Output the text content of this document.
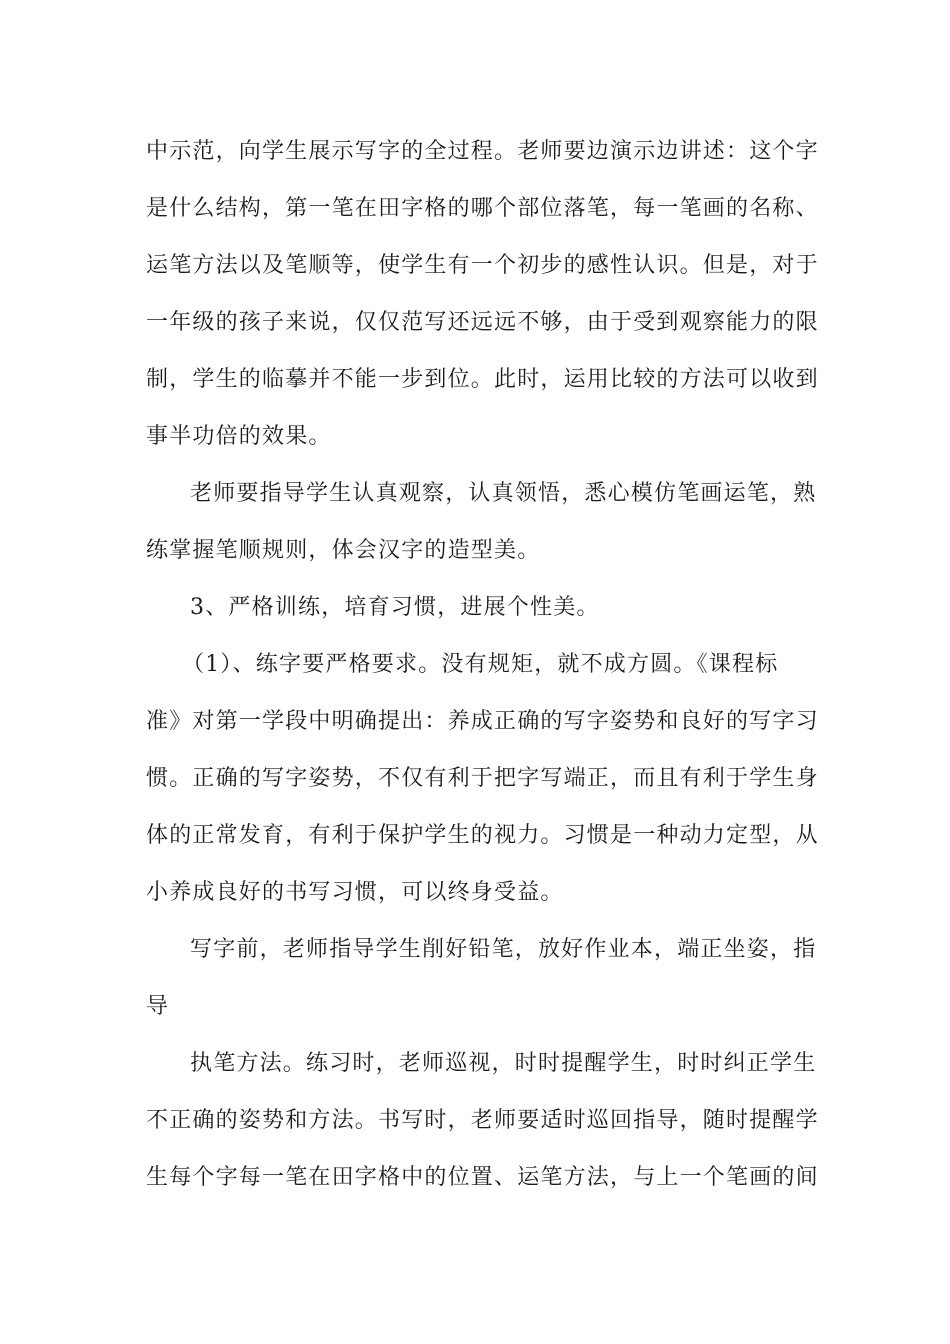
中示范，向学生展示写字的全过程。老师要边演示边讲述：这个字
是什么结构，第一笔在田字格的哪个部位落笔，每一笔画的名称、
运笔方法以及笔顺等，使学生有一个初步的感性认识。但是，对于
一年级的孩子来说，仅仅范写还远远不够，由于受到观察能力的限
制，学生的临摹并不能一步到位。此时，运用比较的方法可以收到
事半功倍的效果。
老师要指导学生认真观察，认真领悟，悉心模仿笔画运笔，熟
练掌握笔顺规则，体会汉字的造型美。
3、严格训练，培育习惯，进展个性美。
（1）、练字要严格要求。没有规矩，就不成方圆。《课程标
准》对第一学段中明确提出：养成正确的写字姿势和良好的写字习
惯。正确的写字姿势，不仅有利于把字写端正，而且有利于学生身
体的正常发育，有利于保护学生的视力。习惯是一种动力定型，从
小养成良好的书写习惯，可以终身受益。
写字前，老师指导学生削好铅笔，放好作业本，端正坐姿，指
导
执笔方法。练习时，老师巡视，时时提醒学生，时时纠正学生
不正确的姿势和方法。书写时，老师要适时巡回指导，随时提醒学
生每个字每一笔在田字格中的位置、运笔方法，与上一个笔画的间
